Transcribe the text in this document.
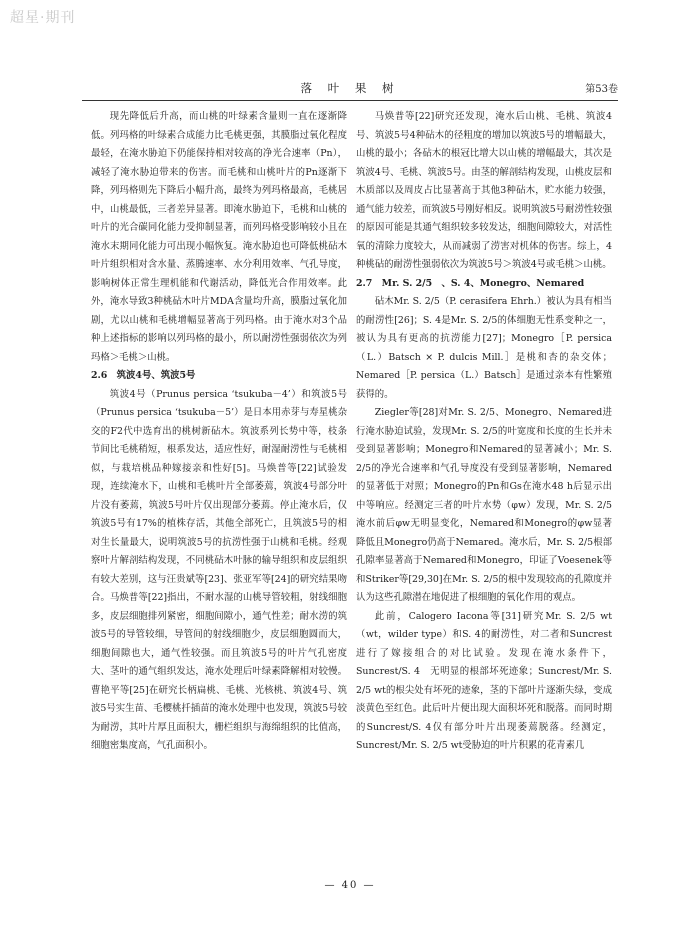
超星·期刊
落 叶 果 树	第53卷

现先降低后升高，而山桃的叶绿素含量则一直在逐渐降低。列玛格的叶绿素合成能力比毛桃更强，其膜脂过氧化程度最轻，在淹水胁迫下仍能保持相对较高的净光合速率（Pn），减轻了淹水胁迫带来的伤害。而毛桃和山桃叶片的Pn逐渐下降，列玛格则先下降后小幅升高，最终为列玛格最高，毛桃居中，山桃最低，三者差异显著。即淹水胁迫下，毛桃和山桃的叶片的光合碳同化能力受抑制显著，而列玛格受影响较小且在淹水末期同化能力可出现小幅恢复。淹水胁迫也可降低桃砧木叶片组织相对含水量、蒸腾速率、水分利用效率、气孔导度，影响树体正常生理机能和代谢活动，降低光合作用效率。此外，淹水导致3种桃砧木叶片MDA含量均升高，膜脂过氧化加剧，尤以山桃和毛桃增幅显著高于列玛格。由于淹水对3个品种上述指标的影响以列玛格的最小，所以耐涝性强弱依次为列玛格＞毛桃＞山桃。

2.6　筑波4号、筑波5号

筑波4号（Prunus persica ‘tsukuba－4’）和筑波5号（Prunus persica ‘tsukuba－5’）是日本用赤芽与寿星桃杂交的F2代中选育出的桃树新砧木。筑波系列长势中等，枝条节间比毛桃稍短，根系发达，适应性好，耐湿耐涝性与毛桃相似，与栽培桃品种嫁接亲和性好[5]。马焕普等[22]试验发现，连续淹水下，山桃和毛桃叶片全部萎蔫，筑波4号部分叶片没有萎蔫，筑波5号叶片仅出现部分萎蔫。停止淹水后，仅筑波5号有17%的植株存活，其他全部死亡，且筑波5号的相对生长量最大，说明筑波5号的抗涝性强于山桃和毛桃。经观察叶片解剖结构发现，不同桃砧木叶脉的输导组织和皮层组织有较大差别，这与汪贵斌等[23]、张亚军等[24]的研究结果吻合。马焕普等[22]指出，不耐水湿的山桃导管较粗，射线细胞多，皮层细胞排列紧密，细胞间隙小，通气性差；耐水涝的筑波5号的导管较细，导管间的射线细胞少，皮层细胞圆而大，细胞间隙也大，通气性较强。而且筑波5号的叶片气孔密度大、茎叶的通气组织发达，淹水处理后叶绿素降解相对较慢。曹艳平等[25]在研究长柄扁桃、毛桃、光核桃、筑波4号、筑波5号实生苗、毛樱桃扦插苗的淹水处理中也发现，筑波5号较为耐涝，其叶片厚且面积大，栅栏组织与海绵组织的比值高，细胞密集度高，气孔面积小。

马焕普等[22]研究还发现，淹水后山桃、毛桃、筑波4号、筑波5号4种砧木的径粗度的增加以筑波5号的增幅最大，山桃的最小；各砧木的根冠比增大以山桃的增幅最大，其次是筑波4号、毛桃、筑波5号。由茎的解剖结构发现，山桃皮层和木质部以及周皮占比显著高于其他3种砧木，贮水能力较强，通气能力较差，而筑波5号刚好相反。说明筑波5号耐涝性较强的原因可能是其通气组织较多较发达，细胞间隙较大，对活性氧的清除力度较大，从而减弱了涝害对机体的伤害。综上，4种桃砧的耐涝性强弱依次为筑波5号＞筑波4号或毛桃＞山桃。

2.7　Mr. S. 2/5　、S. 4、Monegro、Nemared

砧木Mr. S. 2/5（P. cerasifera Ehrh.）被认为具有相当的耐涝性[26]；S. 4是Mr. S. 2/5的体细胞无性系变种之一，被认为具有更高的抗涝能力[27]；Monegro［P. persica（L.）Batsch × P. dulcis Mill.］是桃和杏的杂交体；Nemared［P. persica（L.）Batsch］是通过亲本有性繁殖获得的。

Ziegler等[28]对Mr. S. 2/5、Monegro、Nemared进行淹水胁迫试验，发现Mr. S. 2/5的叶宽度和长度的生长并未受到显著影响；Monegro和Nemared的显著减小；Mr. S. 2/5的净光合速率和气孔导度没有受到显著影响，Nemared的显著低于对照；Monegro的Pn和Gs在淹水48 h后显示出中等响应。经测定三者的叶片水势（φw）发现，Mr. S. 2/5　淹水前后φw无明显变化，Nemared和Monegro的φw显著降低且Monegro仍高于Nemared。淹水后，Mr. S. 2/5根部孔隙率显著高于Nemared和Monegro，印证了Voesenek等和Striker等[29,30]在Mr. S. 2/5的根中发现较高的孔隙度并认为这些孔隙潜在地促进了根细胞的氧化作用的观点。

此前，Calogero Iacona等[31]研究Mr. S. 2/5 wt（wt，wilder type）和S. 4的耐涝性，对二者和Suncrest进行了嫁接组合的对比试验。发现在淹水条件下，Suncrest/S. 4　无明显的根部坏死迹象；Suncrest/Mr. S. 2/5 wt的根尖处有坏死的迹象，茎的下部叶片逐渐失绿，变成淡黄色至红色。此后叶片便出现大面积坏死和脱落。而同时期的Suncrest/S. 4仅有部分叶片出现萎蔫脱落。经测定，Suncrest/Mr. S. 2/5 wt受胁迫的叶片积累的花青素几

— 40 —
